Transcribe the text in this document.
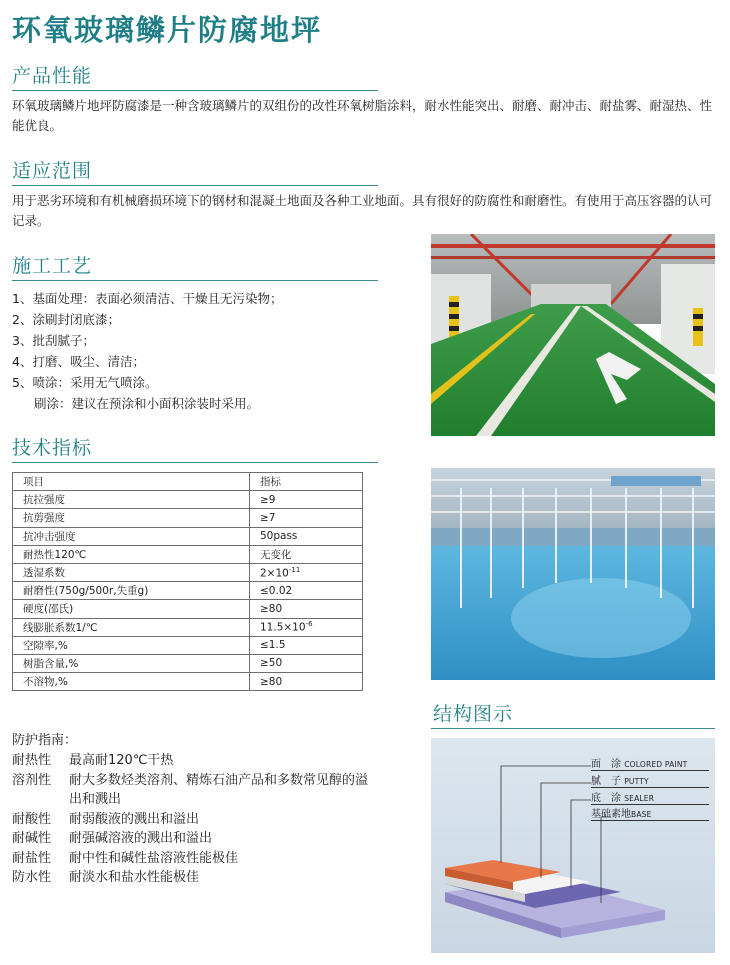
环氧玻璃鳞片防腐地坪
产品性能
环氧玻璃鳞片地坪防腐漆是一种含玻璃鳞片的双组份的改性环氧树脂涂料，耐水性能突出、耐磨、耐冲击、耐盐雾、耐湿热、性能优良。
适应范围
用于恶劣环境和有机械磨损环境下的钢材和混凝土地面及各种工业地面。具有很好的防腐性和耐磨性。有使用于高压容器的认可记录。
施工工艺
1、基面处理：表面必须清洁、干燥且无污染物；
2、涂刷封闭底漆；
3、批刮腻子；
4、打磨、吸尘、清洁；
5、喷涂：采用无气喷涂。
刷涂：建议在预涂和小面积涂装时采用。
技术指标
项目	指标
抗拉强度	≥9
抗剪强度	≥7
抗冲击强度	50pass
耐热性120℃	无变化
透湿系数	$2\times 10^{-11}$
耐磨性(750g/500r,失重g)	≤0.02
硬度(邵氏)	≥80
线膨胀系数1/℃	$11.5\times 10^{-6}$
空隙率,%	≤1.5
树脂含量,%	≥50
不溶物,%	≥80
防护指南：
耐热性	最高耐120℃干热
溶剂性	耐大多数烃类溶剂、精炼石油产品和多数常见醇的溢出和溅出
耐酸性	耐弱酸液的溅出和溢出
耐碱性	耐强碱溶液的溅出和溢出
耐盐性	耐中性和碱性盐溶液性能极佳
防水性	耐淡水和盐水性能极佳
结构图示
面　涂 COLORED PAINT
腻　子 PUTTY
底　涂 SEALER
基础素地BASE
